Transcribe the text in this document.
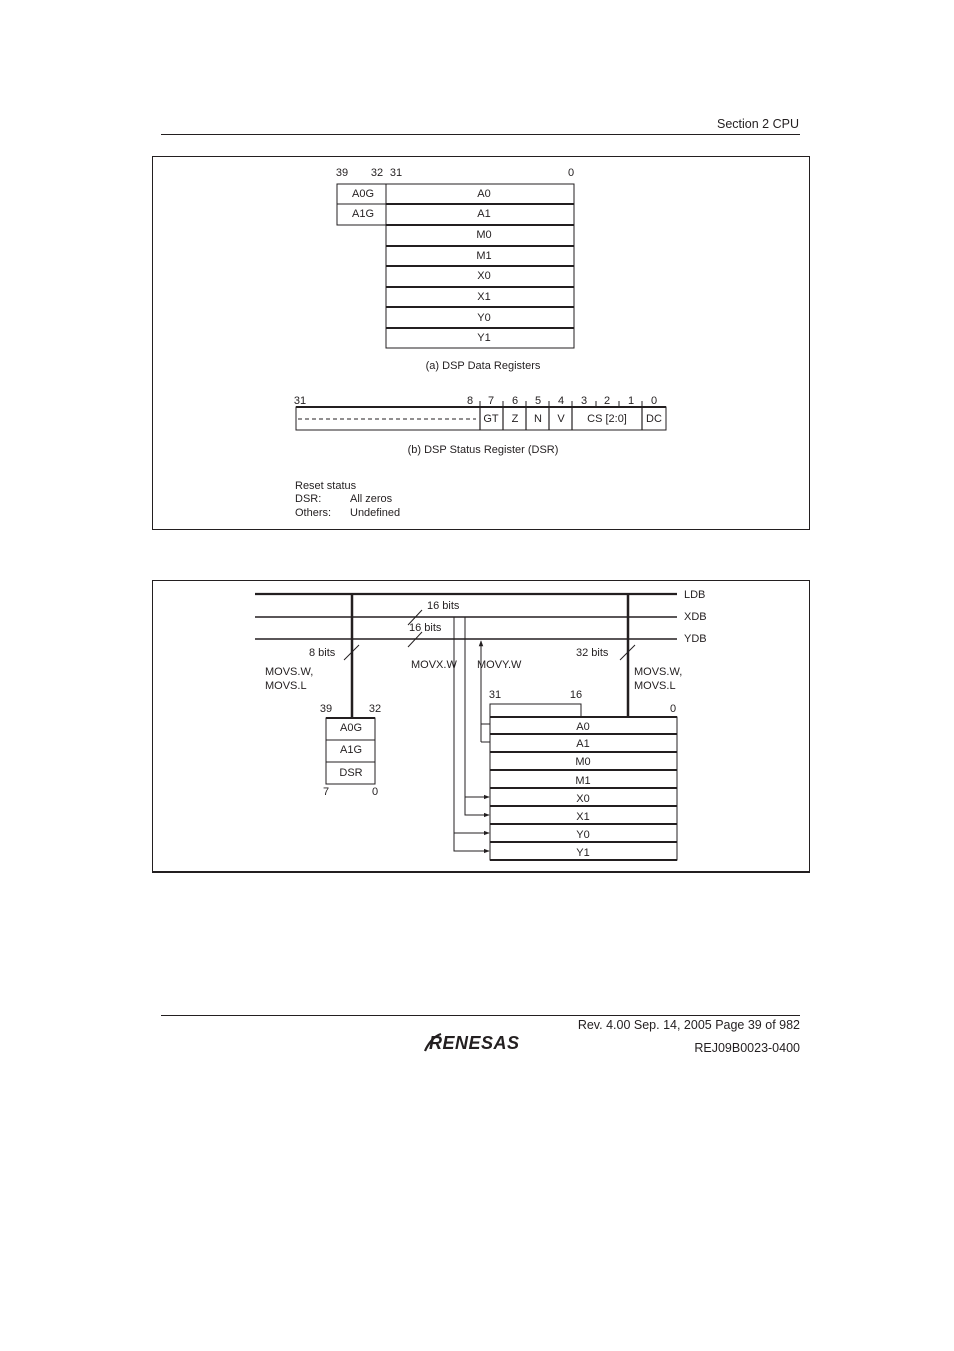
Section 2 CPU
39 32 31	0
A0G
A1G
A0
A1
M0
M1
X0
X1
Y0
Y1
(a) DSP Data Registers
31	8 7 6 5 4 3 2 1 0
GT Z N V CS [2:0] DC
(b) DSP Status Register (DSR)
Reset status
DSR:	All zeros
Others: Undefined
LDB
XDB
YDB
16 bits
16 bits
8 bits	32 bits
MOVS.W,
MOVS.L
MOVS.W,
MOVS.L
MOVX.W MOVY.W
39	32
7	0
31	16
0
A0G
A1G
DSR
A0
A1
M0
M1
X0
X1
Y0
Y1
Rev. 4.00 Sep. 14, 2005 Page 39 of 982
REJ09B0023-0400
RENESAS
